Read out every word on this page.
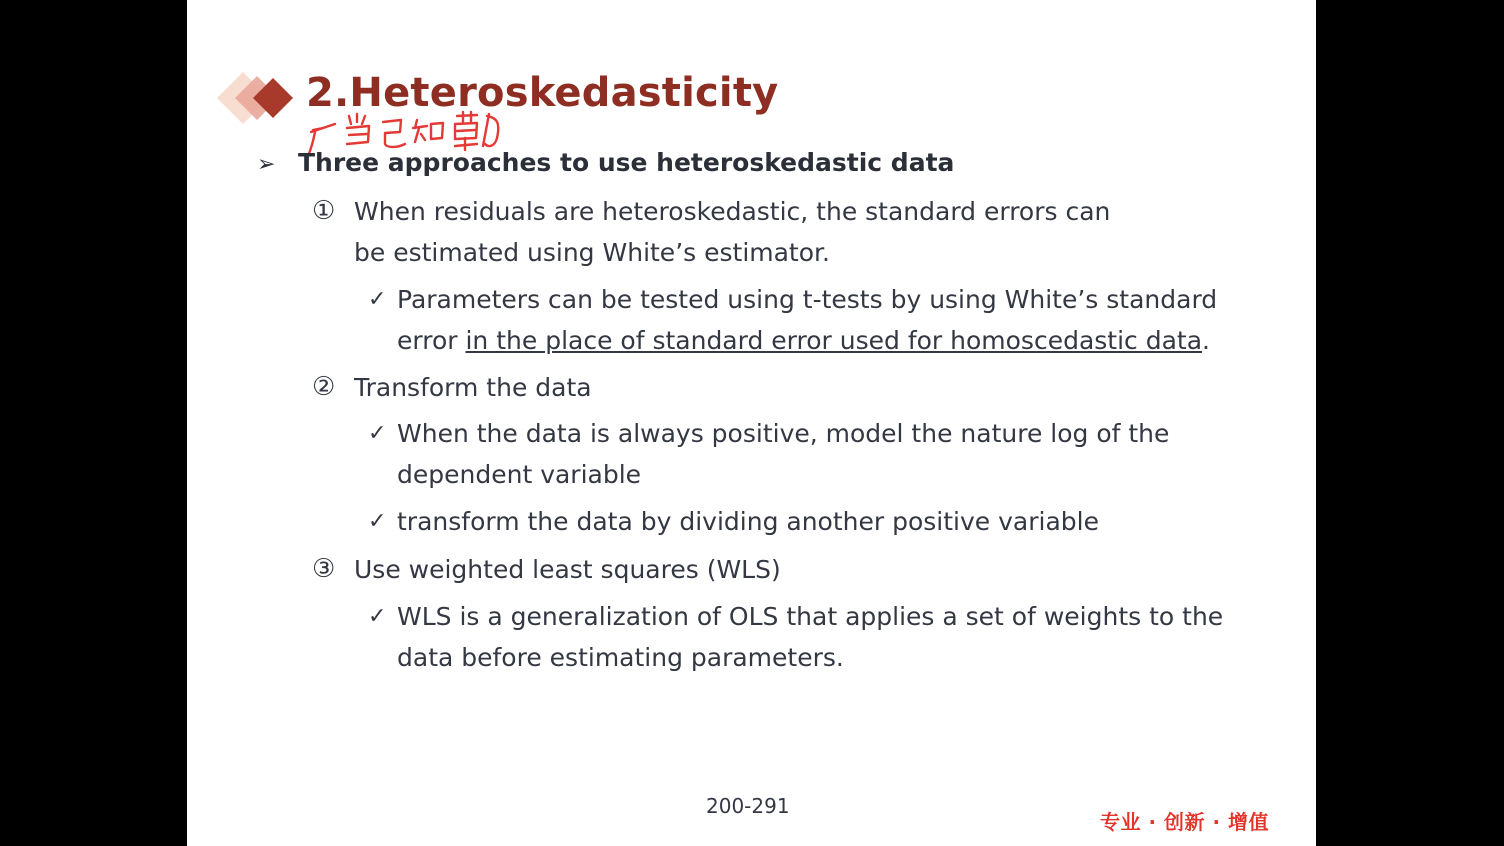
2.Heteroskedasticity
➢ Three approaches to use heteroskedastic data
① When residuals are heteroskedastic, the standard errors can be estimated using White’s estimator.
✓ Parameters can be tested using t-tests by using White’s standard error in the place of standard error used for homoscedastic data.
② Transform the data
✓ When the data is always positive, model the nature log of the dependent variable
✓ transform the data by dividing another positive variable
③ Use weighted least squares (WLS)
✓ WLS is a generalization of OLS that applies a set of weights to the data before estimating parameters.
200-291
专业 · 创新 · 增值
